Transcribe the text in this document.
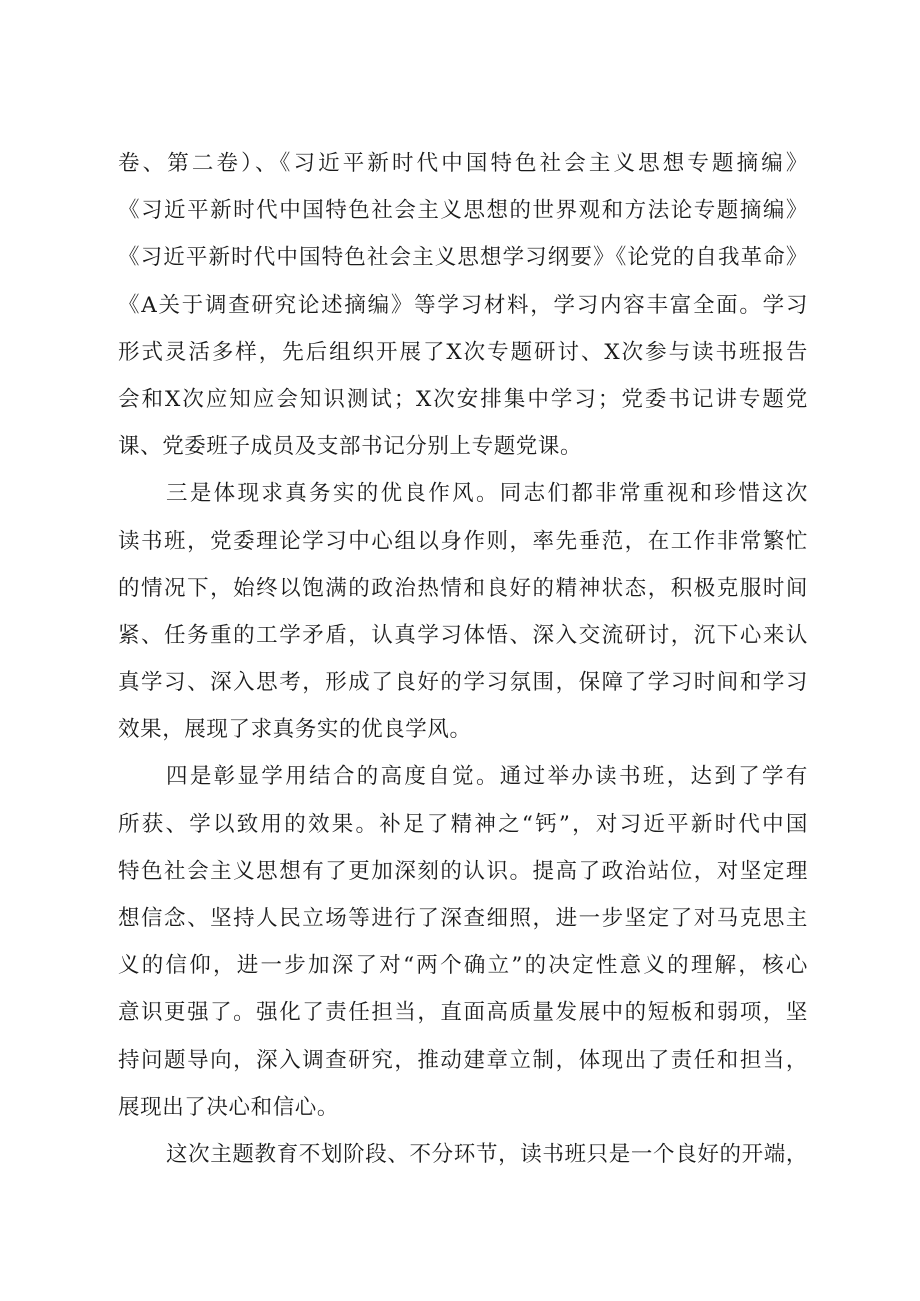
卷、第二卷）、《习近平新时代中国特色社会主义思想专题摘编》
《习近平新时代中国特色社会主义思想的世界观和方法论专题摘编》
《习近平新时代中国特色社会主义思想学习纲要》《论党的自我革命》
《A关于调查研究论述摘编》等学习材料，学习内容丰富全面。学习
形式灵活多样，先后组织开展了X次专题研讨、X次参与读书班报告
会和X次应知应会知识测试；X次安排集中学习；党委书记讲专题党
课、党委班子成员及支部书记分别上专题党课。
三是体现求真务实的优良作风。同志们都非常重视和珍惜这次
读书班，党委理论学习中心组以身作则，率先垂范，在工作非常繁忙
的情况下，始终以饱满的政治热情和良好的精神状态，积极克服时间
紧、任务重的工学矛盾，认真学习体悟、深入交流研讨，沉下心来认
真学习、深入思考，形成了良好的学习氛围，保障了学习时间和学习
效果，展现了求真务实的优良学风。
四是彰显学用结合的高度自觉。通过举办读书班，达到了学有
所获、学以致用的效果。补足了精神之“钙”，对习近平新时代中国
特色社会主义思想有了更加深刻的认识。提高了政治站位，对坚定理
想信念、坚持人民立场等进行了深查细照，进一步坚定了对马克思主
义的信仰，进一步加深了对“两个确立”的决定性意义的理解，核心
意识更强了。强化了责任担当，直面高质量发展中的短板和弱项，坚
持问题导向，深入调查研究，推动建章立制，体现出了责任和担当，
展现出了决心和信心。
这次主题教育不划阶段、不分环节，读书班只是一个良好的开端，
